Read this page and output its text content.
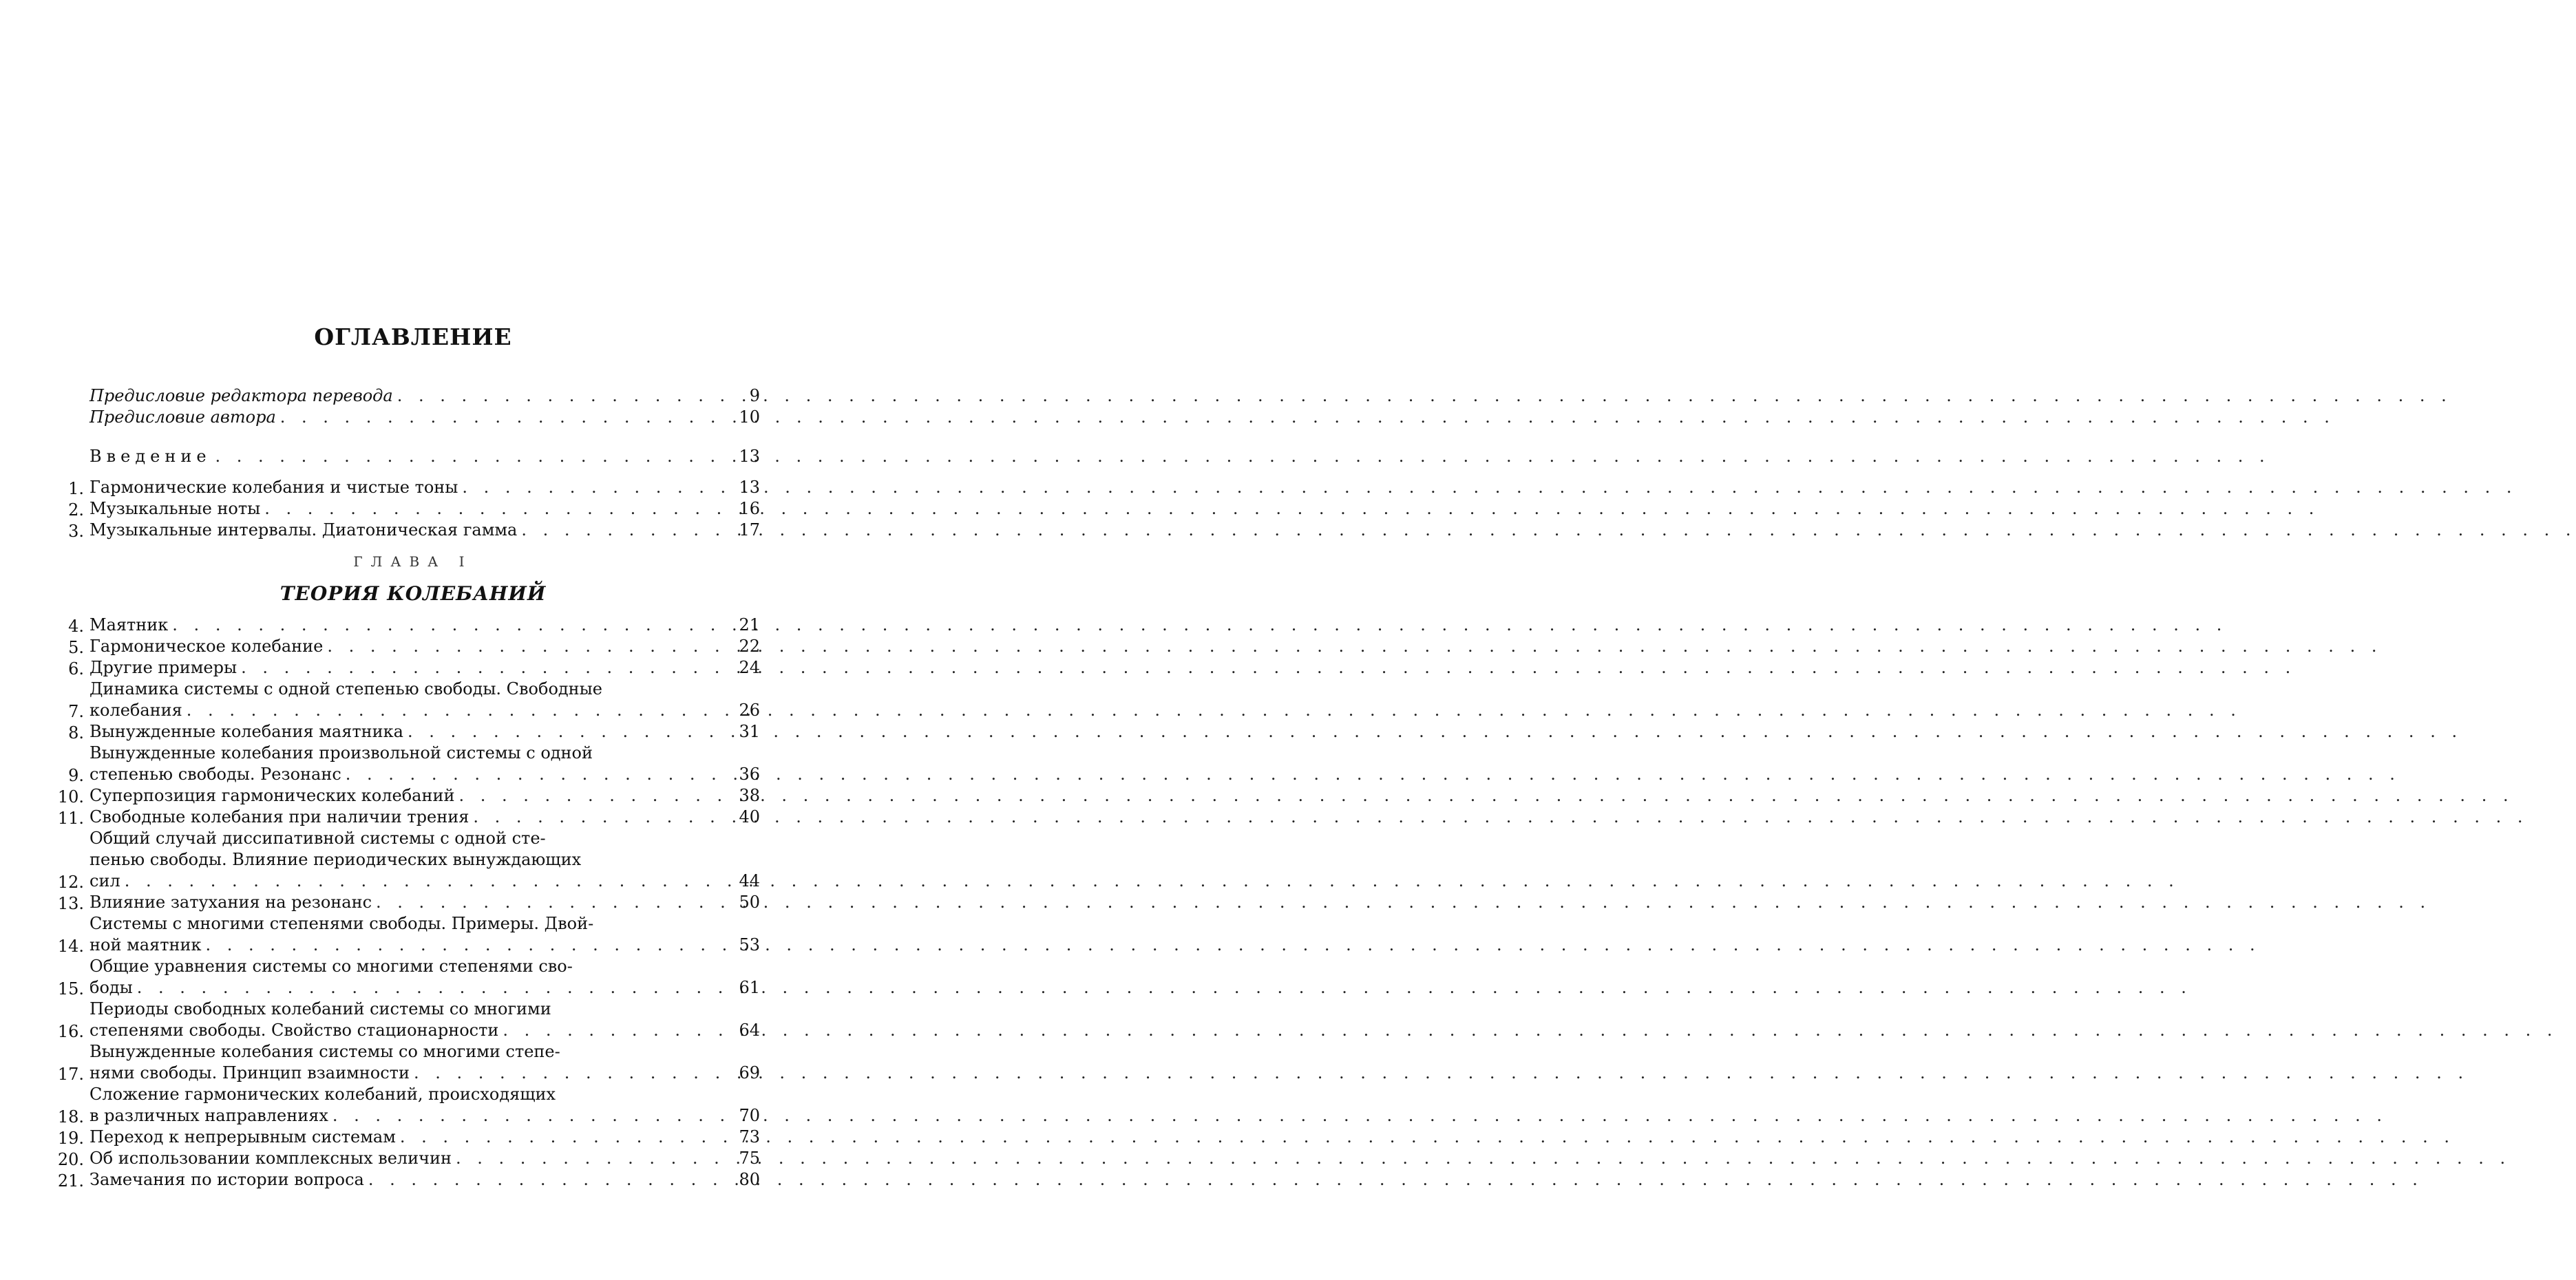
ОГЛАВЛЕНИЕ
Предисловие редактора перевода . . .	9
Предисловие автора . . .	10
Введение . . .	13
1. Гармонические колебания и чистые тоны . . .	13
2. Музыкальные ноты . . .	16
3. Музыкальные интервалы. Диатоническая гамма . . .	17
ГЛАВА I
ТЕОРИЯ КОЛЕБАНИЙ
4. Маятник . . .	21
5. Гармоническое колебание . . .	22
6. Другие примеры . . .	24
7.
Динамика системы с одной степенью свободы. Свободные
колебания . . .	26
8. Вынужденные колебания маятника . . .	31
9.
Вынужденные колебания произвольной системы с одной
степенью свободы. Резонанс . . .	36
10. Суперпозиция гармонических колебаний . . .	38
11. Свободные колебания при наличии трения . . .	40
12.
Общий случай диссипативной системы с одной сте-
пенью свободы. Влияние периодических вынуждающих
сил . . .	44
13. Влияние затухания на резонанс . . .	50
14.
Системы с многими степенями свободы. Примеры. Двой-
ной маятник . . .	53
15.
Общие уравнения системы со многими степенями сво-
боды . . .	61
16.
Периоды свободных колебаний системы со многими
степенями свободы. Свойство стационарности . . .	64
17.
Вынужденные колебания системы со многими степе-
нями свободы. Принцип взаимности . . .	69
18.
Сложение гармонических колебаний, происходящих
в различных направлениях . . .	70
19. Переход к непрерывным системам . . .	73
20. Об использовании комплексных величин . . .	75
21. Замечания по истории вопроса . . .	80
